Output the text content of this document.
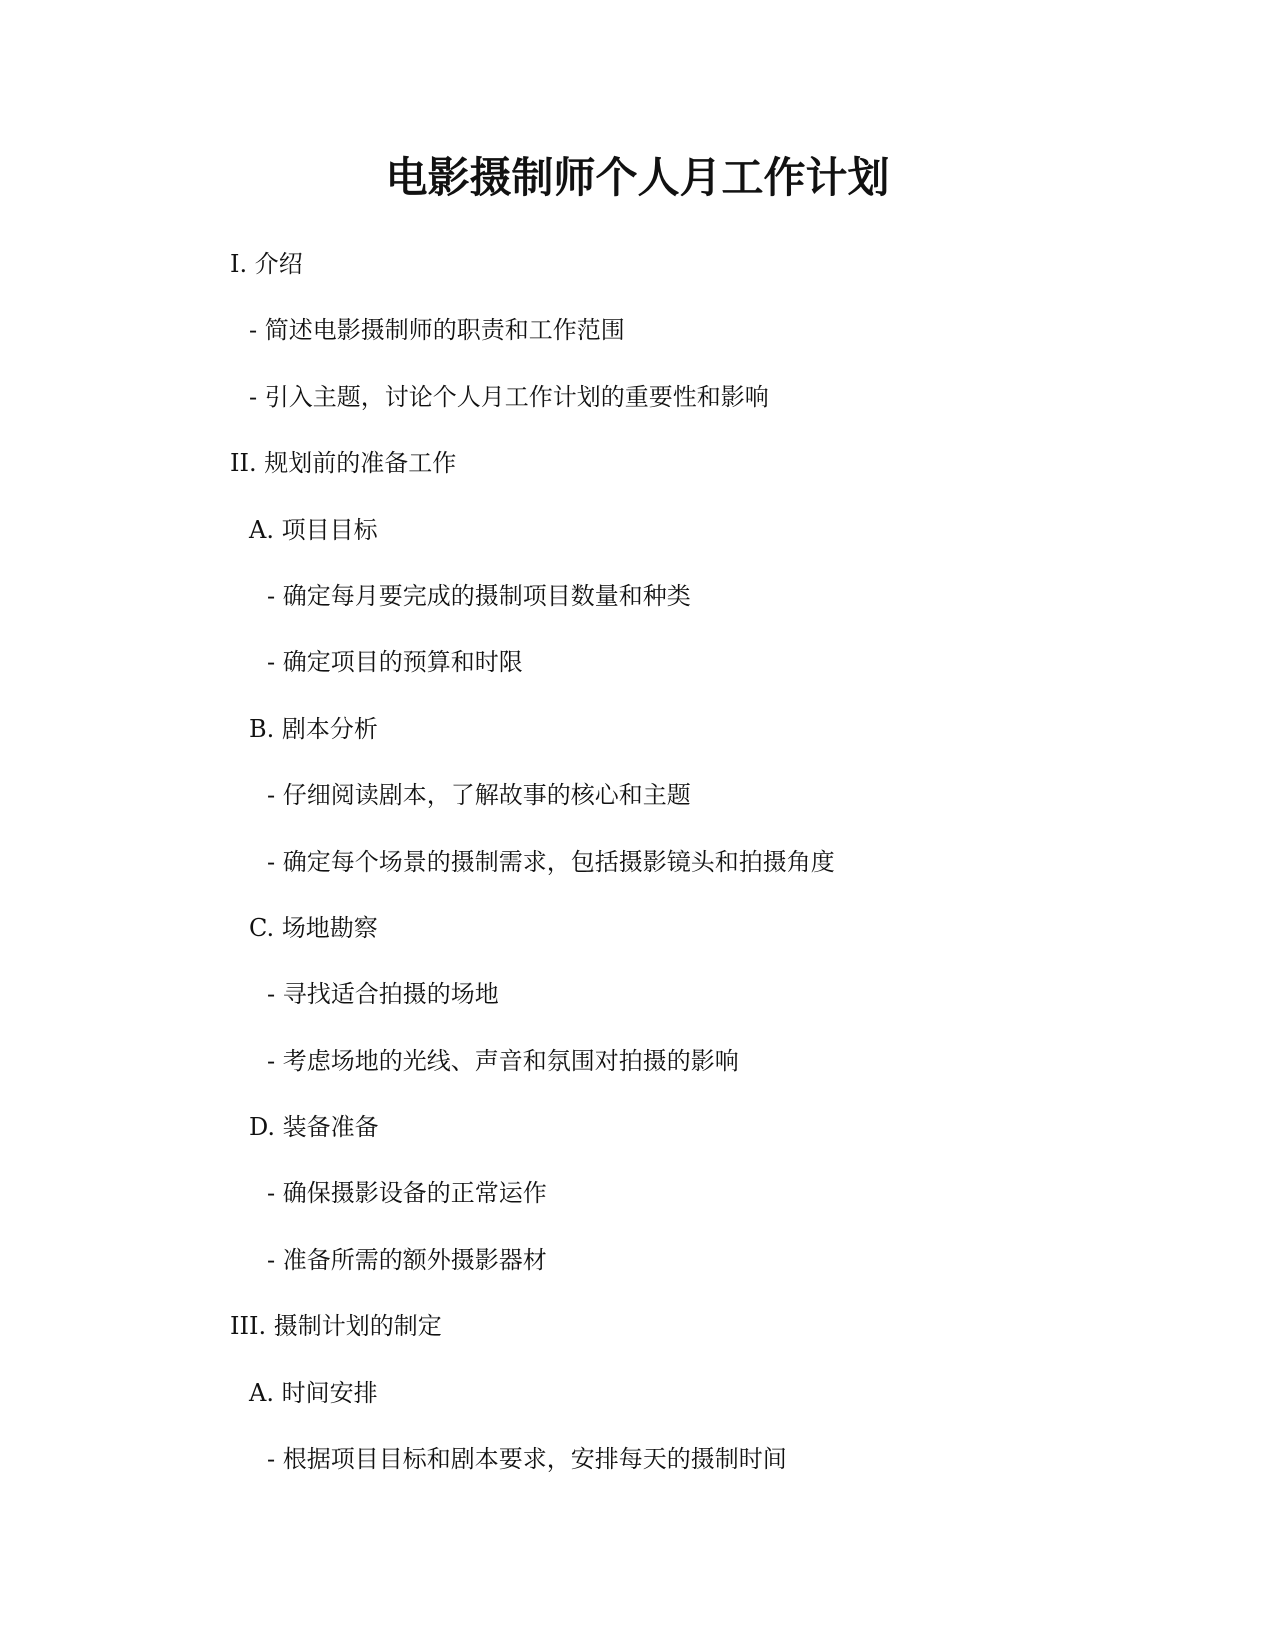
电影摄制师个人月工作计划
I. 介绍
- 简述电影摄制师的职责和工作范围
- 引入主题，讨论个人月工作计划的重要性和影响
II. 规划前的准备工作
A. 项目目标
- 确定每月要完成的摄制项目数量和种类
- 确定项目的预算和时限
B. 剧本分析
- 仔细阅读剧本，了解故事的核心和主题
- 确定每个场景的摄制需求，包括摄影镜头和拍摄角度
C. 场地勘察
- 寻找适合拍摄的场地
- 考虑场地的光线、声音和氛围对拍摄的影响
D. 装备准备
- 确保摄影设备的正常运作
- 准备所需的额外摄影器材
III. 摄制计划的制定
A. 时间安排
- 根据项目目标和剧本要求，安排每天的摄制时间
